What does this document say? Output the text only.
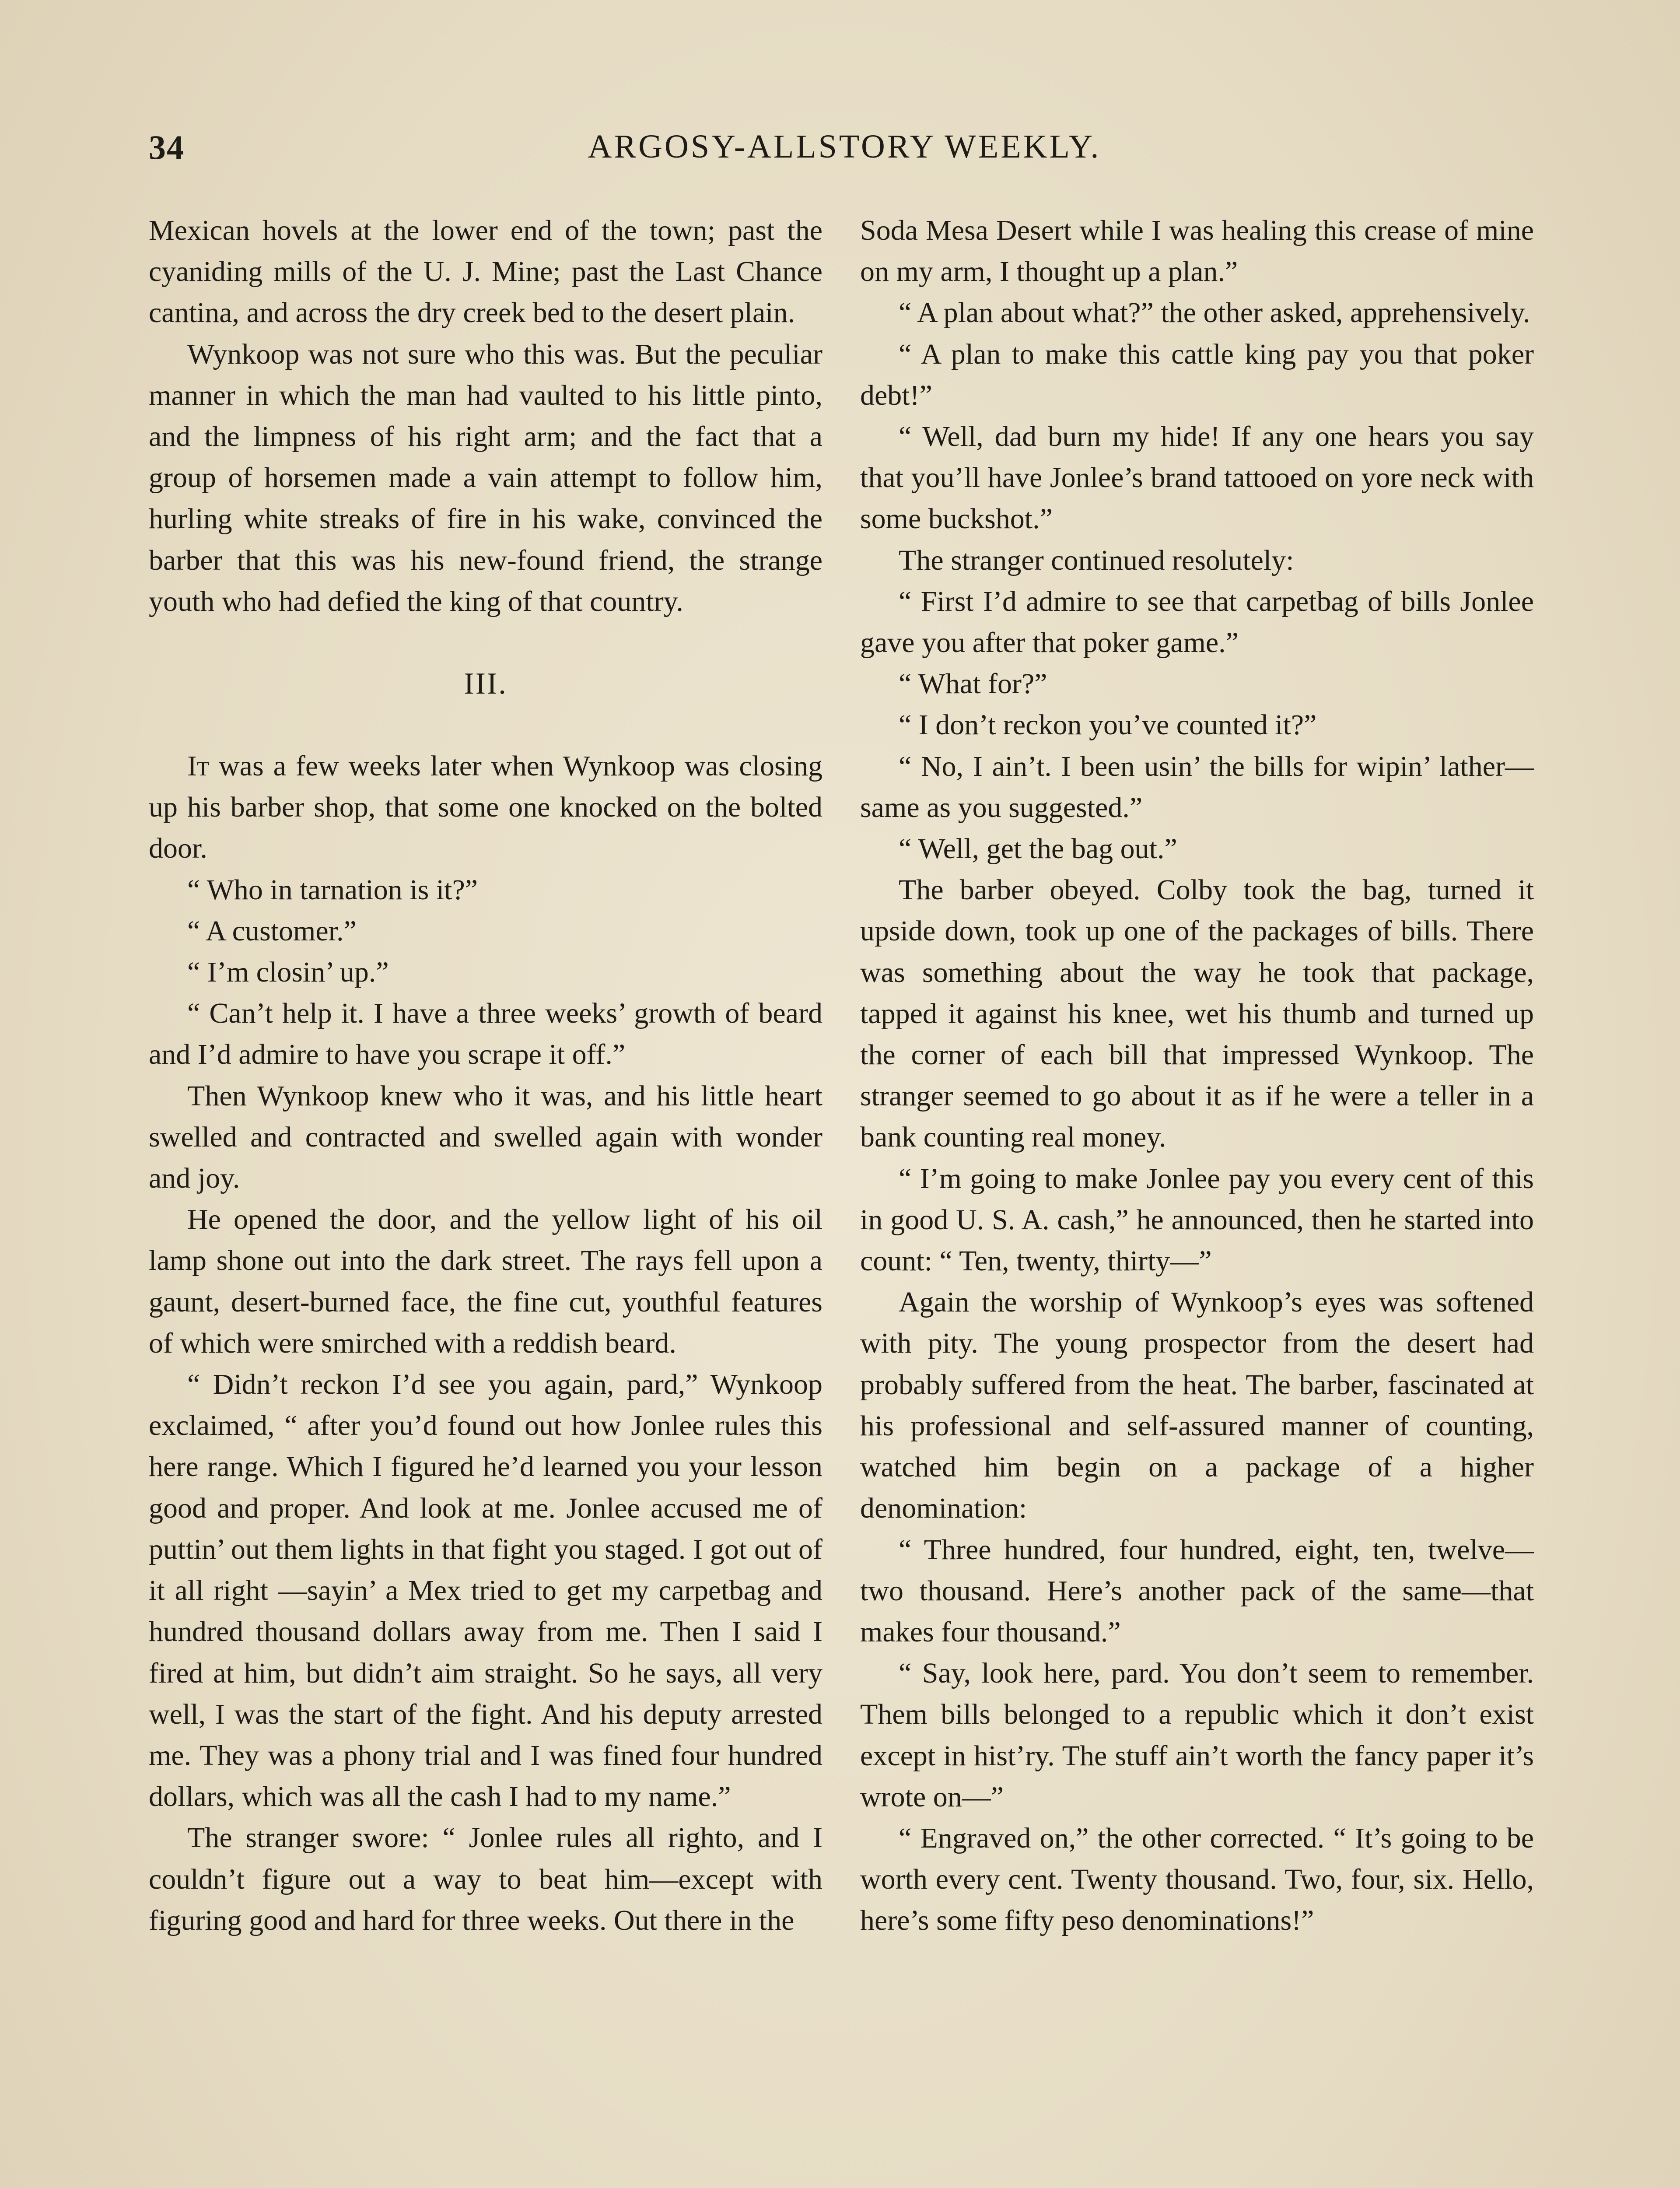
34	ARGOSY-ALLSTORY WEEKLY.

Mexican hovels at the lower end of the town; past the cyaniding mills of the U. J. Mine; past the Last Chance cantina, and across the dry creek bed to the desert plain.

Wynkoop was not sure who this was. But the peculiar manner in which the man had vaulted to his little pinto, and the limpness of his right arm; and the fact that a group of horsemen made a vain attempt to follow him, hurling white streaks of fire in his wake, convinced the barber that this was his new-found friend, the strange youth who had defied the king of that country.

III.

It was a few weeks later when Wynkoop was closing up his barber shop, that some one knocked on the bolted door.

“ Who in tarnation is it?”

“ A customer.”

“ I’m closin’ up.”

“ Can’t help it. I have a three weeks’ growth of beard and I’d admire to have you scrape it off.”

Then Wynkoop knew who it was, and his little heart swelled and contracted and swelled again with wonder and joy.

He opened the door, and the yellow light of his oil lamp shone out into the dark street. The rays fell upon a gaunt, desert-burned face, the fine cut, youthful features of which were smirched with a reddish beard.

“ Didn’t reckon I’d see you again, pard,” Wynkoop exclaimed, “ after you’d found out how Jonlee rules this here range. Which I figured he’d learned you your lesson good and proper. And look at me. Jonlee accused me of puttin’ out them lights in that fight you staged. I got out of it all right —sayin’ a Mex tried to get my carpetbag and hundred thousand dollars away from me. Then I said I fired at him, but didn’t aim straight. So he says, all very well, I was the start of the fight. And his deputy arrested me. They was a phony trial and I was fined four hundred dollars, which was all the cash I had to my name.”

The stranger swore: “ Jonlee rules all righto, and I couldn’t figure out a way to beat him—except with figuring good and hard for three weeks. Out there in the

Soda Mesa Desert while I was healing this crease of mine on my arm, I thought up a plan.”

“ A plan about what?” the other asked, apprehensively.

“ A plan to make this cattle king pay you that poker debt!”

“ Well, dad burn my hide! If any one hears you say that you’ll have Jonlee’s brand tattooed on yore neck with some buckshot.”

The stranger continued resolutely:

“ First I’d admire to see that carpetbag of bills Jonlee gave you after that poker game.”

“ What for?”

“ I don’t reckon you’ve counted it?”

“ No, I ain’t. I been usin’ the bills for wipin’ lather—same as you suggested.”

“ Well, get the bag out.”

The barber obeyed. Colby took the bag, turned it upside down, took up one of the packages of bills. There was something about the way he took that package, tapped it against his knee, wet his thumb and turned up the corner of each bill that impressed Wynkoop. The stranger seemed to go about it as if he were a teller in a bank counting real money.

“ I’m going to make Jonlee pay you every cent of this in good U. S. A. cash,” he announced, then he started into count: “ Ten, twenty, thirty—”

Again the worship of Wynkoop’s eyes was softened with pity. The young prospector from the desert had probably suffered from the heat. The barber, fascinated at his professional and self-assured manner of counting, watched him begin on a package of a higher denomination:

“ Three hundred, four hundred, eight, ten, twelve—two thousand. Here’s another pack of the same—that makes four thousand.”

“ Say, look here, pard. You don’t seem to remember. Them bills belonged to a republic which it don’t exist except in hist’ry. The stuff ain’t worth the fancy paper it’s wrote on—”

“ Engraved on,” the other corrected. “ It’s going to be worth every cent. Twenty thousand. Two, four, six. Hello, here’s some fifty peso denominations!”
